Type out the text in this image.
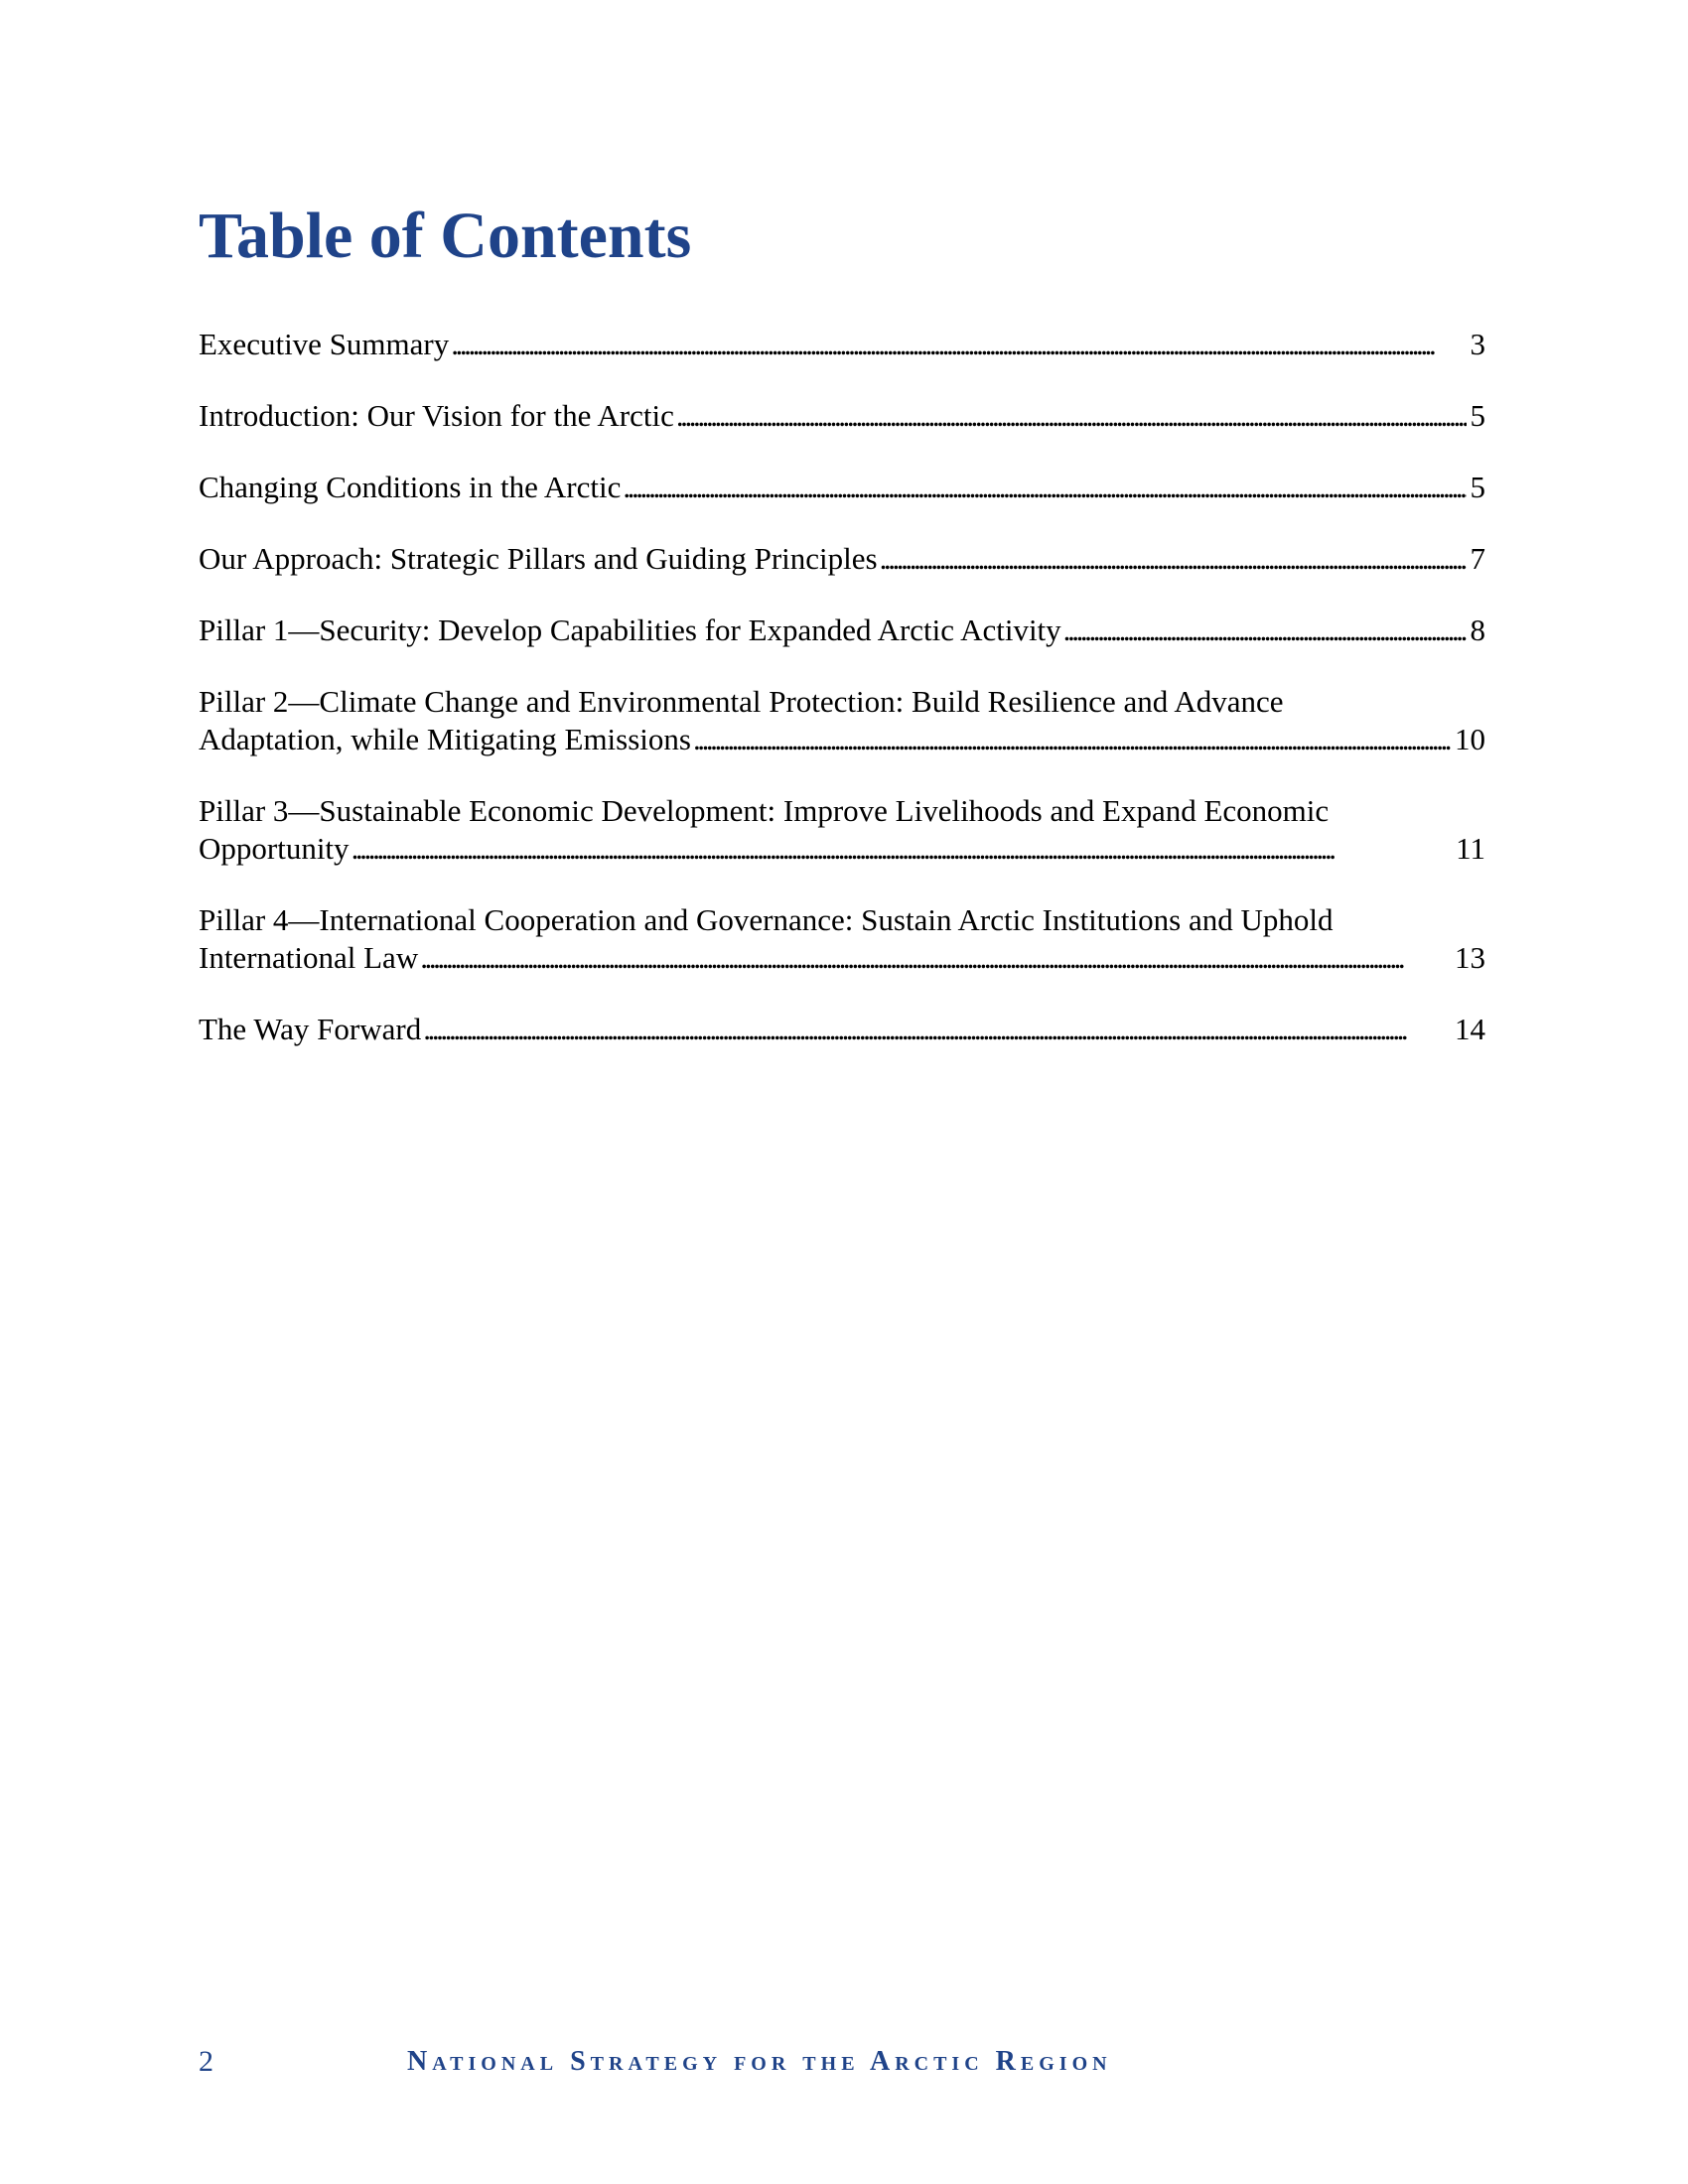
Table of Contents
Executive Summary . . .	3
Introduction: Our Vision for the Arctic . . .	5
Changing Conditions in the Arctic . . .	5
Our Approach: Strategic Pillars and Guiding Principles . . .	7
Pillar 1—Security: Develop Capabilities for Expanded Arctic Activity . . .	8
Pillar 2—Climate Change and Environmental Protection: Build Resilience and Advance
Adaptation, while Mitigating Emissions . . .	10
Pillar 3—Sustainable Economic Development: Improve Livelihoods and Expand Economic
Opportunity . . .	11
Pillar 4—International Cooperation and Governance: Sustain Arctic Institutions and Uphold
International Law . . .	13
The Way Forward . . .	14
2	National Strategy for the Arctic Region
